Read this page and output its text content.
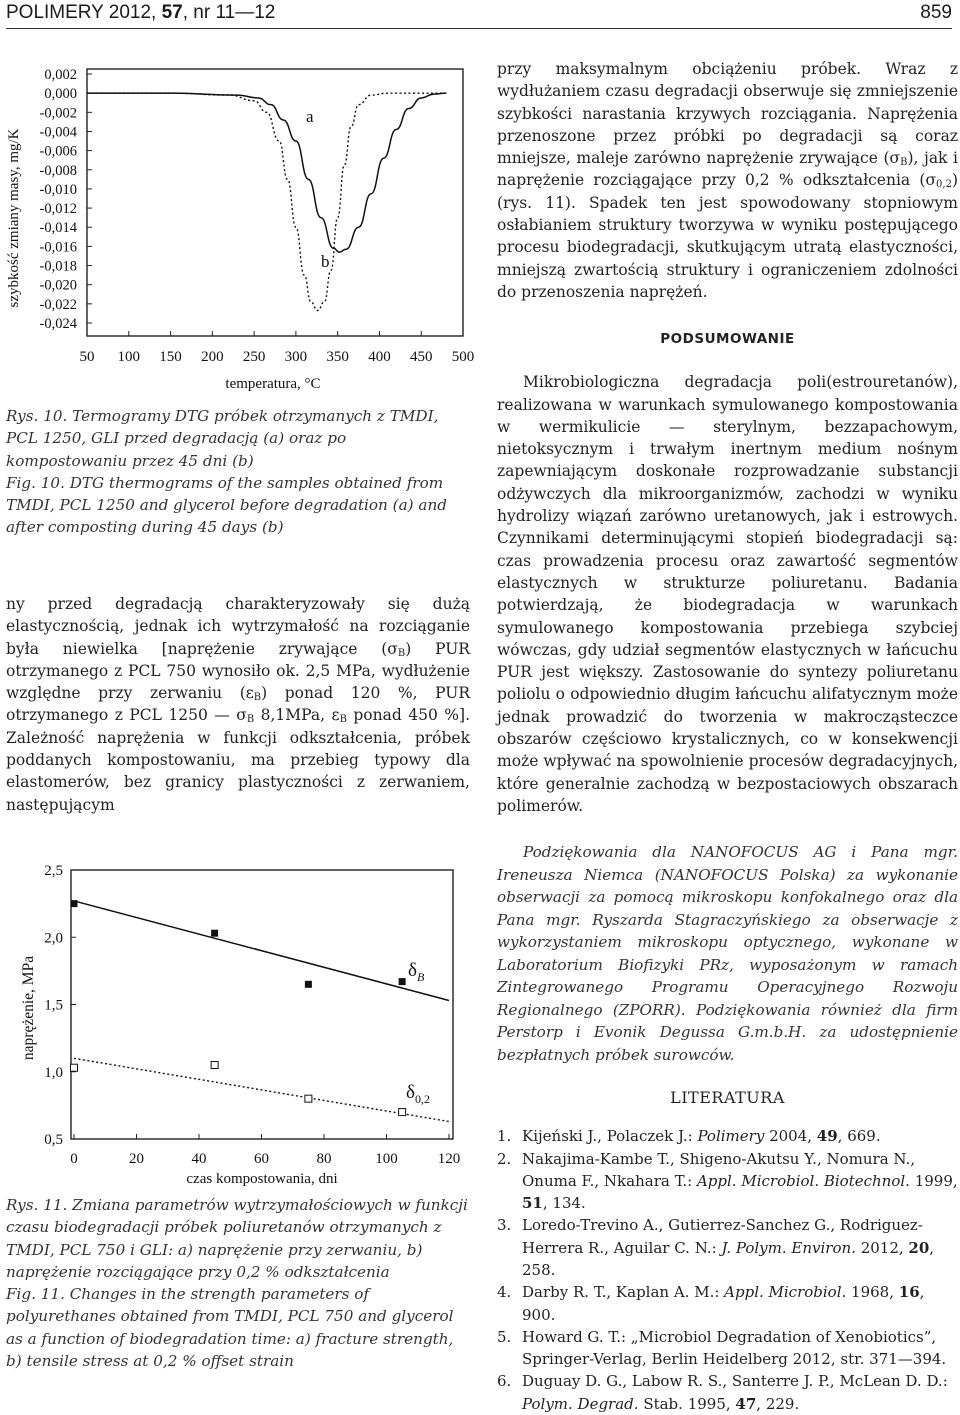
POLIMERY 2012, 57, nr 11—12	859
szybkość zmiany masy, mg/K
0,002
0,000
-0,002
-0,004
-0,006
-0,008
-0,010
-0,012
-0,014
-0,016
-0,018
-0,020
-0,022
-0,024
50 100 150 200 250 300 350 400 450 500
a
b
temperatura, °C

Rys. 10. Termogramy DTG próbek otrzymanych z TMDI, PCL 1250, GLI przed degradacją (a) oraz po kompostowaniu przez 45 dni (b)

Fig. 10. DTG thermograms of the samples obtained from TMDI, PCL 1250 and glycerol before degradation (a) and after composting during 45 days (b)

ny przed degradacją charakteryzowały się dużą elastycznością, jednak ich wytrzymałość na rozciąganie była niewielka [naprężenie zrywające $(\sigma_B)$ PUR otrzymanego z PCL 750 wynosiło ok. 2,5 MPa, wydłużenie względne przy zerwaniu $(\varepsilon_B)$ ponad 120 %, PUR otrzymanego z PCL 1250 — $\sigma_B$ 8,1MPa, $\varepsilon_B$ ponad 450 %]. Zależność naprężenia w funkcji odkształcenia, próbek poddanych kompostowaniu, ma przebieg typowy dla elastomerów, bez granicy plastyczności z zerwaniem, następującym

naprężenie, MPa
0,5
1,0
1,5
2,0
2,5
0	20	40	60	80	100	120
$\delta_B$
$\delta_{0,2}$
czas kompostowania, dni

Rys. 11. Zmiana parametrów wytrzymałościowych w funkcji czasu biodegradacji próbek poliuretanów otrzymanych z TMDI, PCL 750 i GLI: a) naprężenie przy zerwaniu, b) naprężenie rozciągające przy 0,2 % odkształcenia

Fig. 11. Changes in the strength parameters of polyurethanes obtained from TMDI, PCL 750 and glycerol as a function of biodegradation time: a) fracture strength, b) tensile stress at 0,2 % offset strain

przy maksymalnym obciążeniu próbek. Wraz z wydłużaniem czasu degradacji obserwuje się zmniejszenie szybkości narastania krzywych rozciągania. Naprężenia przenoszone przez próbki po degradacji są coraz mniejsze, maleje zarówno naprężenie zrywające $(\sigma_B)$, jak i naprężenie rozciągające przy 0,2 % odkształcenia $(\sigma_{0,2})$ (rys. 11). Spadek ten jest spowodowany stopniowym osłabianiem struktury tworzywa w wyniku postępującego procesu biodegradacji, skutkującym utratą elastyczności, mniejszą zwartością struktury i ograniczeniem zdolności do przenoszenia naprężeń.

PODSUMOWANIE

Mikrobiologiczna degradacja poli(estrouretanów), realizowana w warunkach symulowanego kompostowania w wermikulicie — sterylnym, bezzapachowym, nietoksycznym i trwałym inertnym medium nośnym zapewniającym doskonałe rozprowadzanie substancji odżywczych dla mikroorganizmów, zachodzi w wyniku hydrolizy wiązań zarówno uretanowych, jak i estrowych. Czynnikami determinującymi stopień biodegradacji są: czas prowadzenia procesu oraz zawartość segmentów elastycznych w strukturze poliuretanu. Badania potwierdzają, że biodegradacja w warunkach symulowanego kompostowania przebiega szybciej wówczas, gdy udział segmentów elastycznych w łańcuchu PUR jest większy. Zastosowanie do syntezy poliuretanu poliolu o odpowiednio długim łańcuchu alifatycznym może jednak prowadzić do tworzenia w makrocząsteczce obszarów częściowo krystalicznych, co w konsekwencji może wpływać na spowolnienie procesów degradacyjnych, które generalnie zachodzą w bezpostaciowych obszarach polimerów.

Podziękowania dla NANOFOCUS AG i Pana mgr. Ireneusza Niemca (NANOFOCUS Polska) za wykonanie obserwacji za pomocą mikroskopu konfokalnego oraz dla Pana mgr. Ryszarda Stagraczyńskiego za obserwacje z wykorzystaniem mikroskopu optycznego, wykonane w Laboratorium Biofizyki PRz, wyposażonym w ramach Zintegrowanego Programu Operacyjnego Rozwoju Regionalnego (ZPORR). Podziękowania również dla firm Perstorp i Evonik Degussa G.m.b.H. za udostępnienie bezpłatnych próbek surowców.
LITERATURA
1. Kijeński J., Polaczek J.: Polimery 2004, 49, 669.
2. Nakajima-Kambe T., Shigeno-Akutsu Y., Nomura N., Onuma F., Nkahara T.: Appl. Microbiol. Biotechnol. 1999, 51, 134.
3. Loredo-Trevino A., Gutierrez-Sanchez G., Rodriguez-Herrera R., Aguilar C. N.: J. Polym. Environ. 2012, 20, 258.
4. Darby R. T., Kaplan A. M.: Appl. Microbiol. 1968, 16, 900.
5. Howard G. T.: „Microbiol Degradation of Xenobiotics”, Springer-Verlag, Berlin Heidelberg 2012, str. 371—394.
6. Duguay D. G., Labow R. S., Santerre J. P., McLean D. D.: Polym. Degrad. Stab. 1995, 47, 229.
